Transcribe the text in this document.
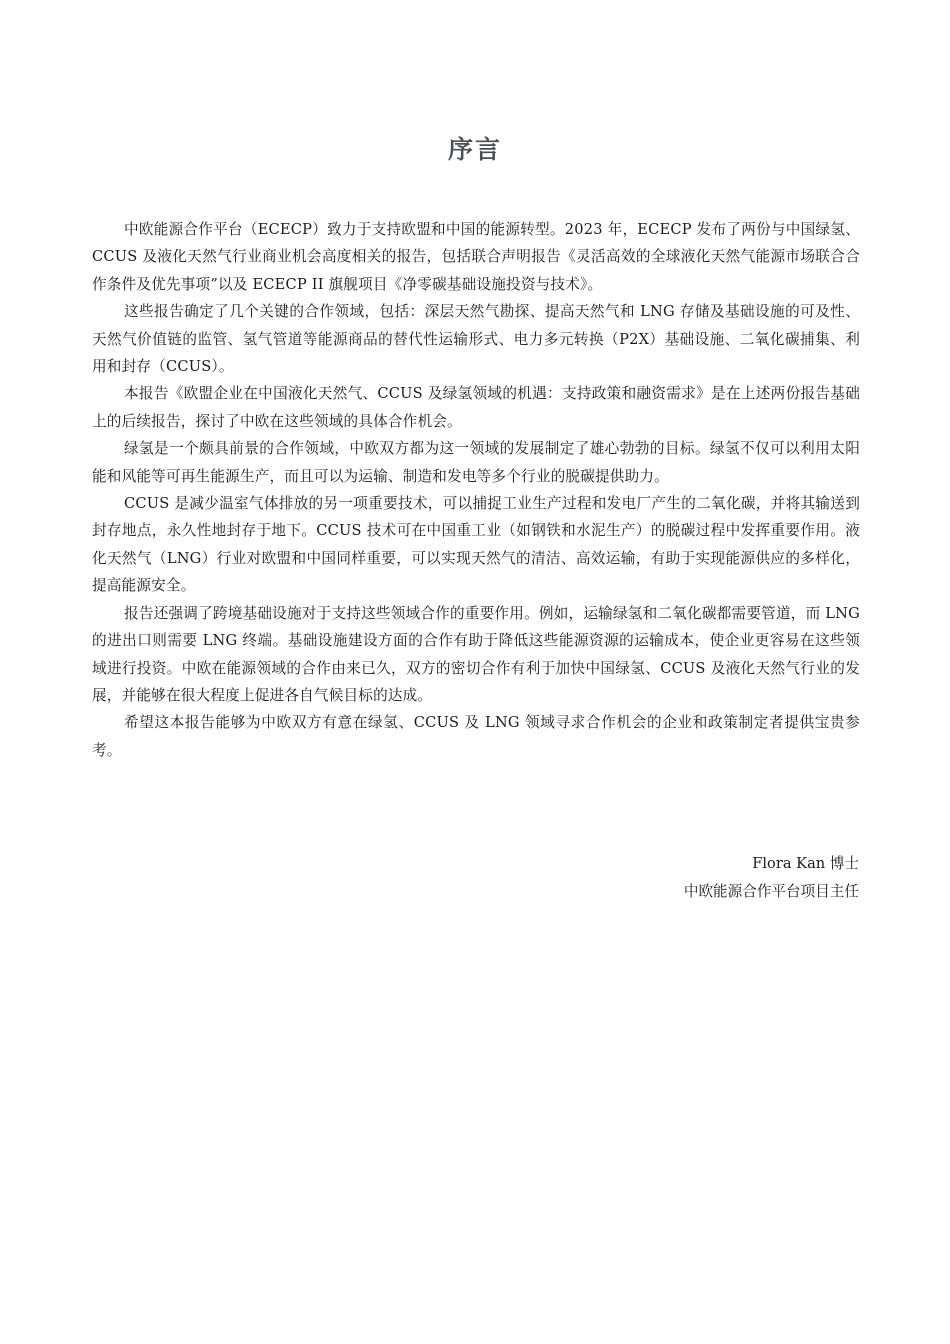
序言

中欧能源合作平台（ECECP）致力于支持欧盟和中国的能源转型。2023 年，ECECP 发布了两份与中国绿氢、CCUS 及液化天然气行业商业机会高度相关的报告，包括联合声明报告《灵活高效的全球液化天然气能源市场联合合作条件及优先事项”以及 ECECP II 旗舰项目《净零碳基础设施投资与技术》。

这些报告确定了几个关键的合作领域，包括：深层天然气勘探、提高天然气和 LNG 存储及基础设施的可及性、天然气价值链的监管、氢气管道等能源商品的替代性运输形式、电力多元转换（P2X）基础设施、二氧化碳捕集、利用和封存（CCUS）。

本报告《欧盟企业在中国液化天然气、CCUS 及绿氢领域的机遇：支持政策和融资需求》是在上述两份报告基础上的后续报告，探讨了中欧在这些领域的具体合作机会。

绿氢是一个颇具前景的合作领域，中欧双方都为这一领域的发展制定了雄心勃勃的目标。绿氢不仅可以利用太阳能和风能等可再生能源生产，而且可以为运输、制造和发电等多个行业的脱碳提供助力。

CCUS 是减少温室气体排放的另一项重要技术，可以捕捉工业生产过程和发电厂产生的二氧化碳，并将其输送到封存地点，永久性地封存于地下。CCUS 技术可在中国重工业（如钢铁和水泥生产）的脱碳过程中发挥重要作用。液化天然气（LNG）行业对欧盟和中国同样重要，可以实现天然气的清洁、高效运输，有助于实现能源供应的多样化，提高能源安全。

报告还强调了跨境基础设施对于支持这些领域合作的重要作用。例如，运输绿氢和二氧化碳都需要管道，而 LNG 的进出口则需要 LNG 终端。基础设施建设方面的合作有助于降低这些能源资源的运输成本，使企业更容易在这些领域进行投资。中欧在能源领域的合作由来已久，双方的密切合作有利于加快中国绿氢、CCUS 及液化天然气行业的发展，并能够在很大程度上促进各自气候目标的达成。

希望这本报告能够为中欧双方有意在绿氢、CCUS 及 LNG 领域寻求合作机会的企业和政策制定者提供宝贵参考。

Flora Kan 博士
中欧能源合作平台项目主任
